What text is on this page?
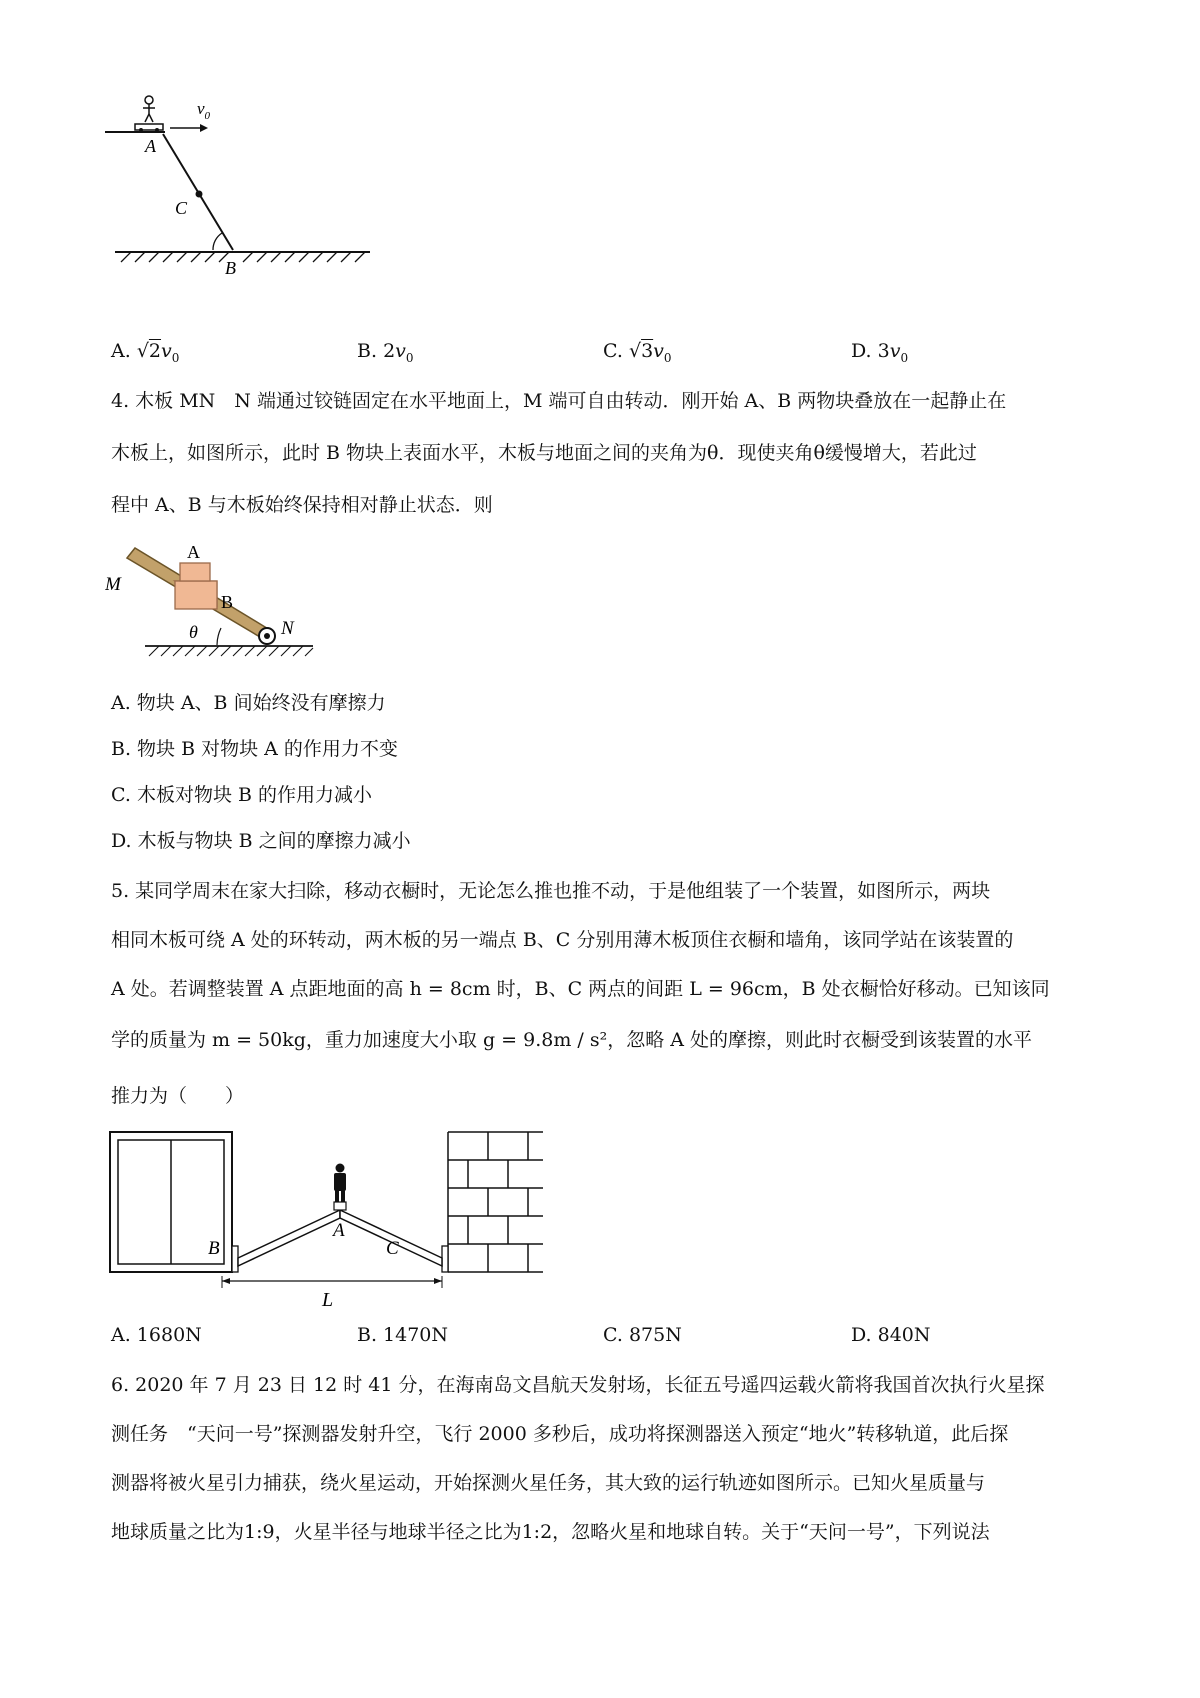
$v_0$
A
C
B
A. $√2v_0$	B. $2v_0$	C. $√3v_0$	D. $3v_0$
4. 木板 MN　N 端通过铰链固定在水平地面上，M 端可自由转动．刚开始 A、B 两物块叠放在一起静止在
木板上，如图所示，此时 B 物块上表面水平，木板与地面之间的夹角为θ．现使夹角θ缓慢增大，若此过
程中 A、B 与木板始终保持相对静止状态．则
A
B
M
N
θ
A. 物块 A、B 间始终没有摩擦力
B. 物块 B 对物块 A 的作用力不变
C. 木板对物块 B 的作用力减小
D. 木板与物块 B 之间的摩擦力减小
5. 某同学周末在家大扫除，移动衣橱时，无论怎么推也推不动，于是他组装了一个装置，如图所示，两块
相同木板可绕 A 处的环转动，两木板的另一端点 B、C 分别用薄木板顶住衣橱和墙角，该同学站在该装置的
A 处。若调整装置 A 点距地面的高 h = 8cm 时，B、C 两点的间距 L = 96cm，B 处衣橱恰好移动。已知该同
学的质量为 m = 50kg，重力加速度大小取 g = 9.8m / s²，忽略 A 处的摩擦，则此时衣橱受到该装置的水平
推力为（　　）
A
B	C
L
A. 1680N	B. 1470N	C. 875N	D. 840N
6. 2020 年 7 月 23 日 12 时 41 分，在海南岛文昌航天发射场，长征五号遥四运载火箭将我国首次执行火星探
测任务　“天问一号”探测器发射升空，飞行 2000 多秒后，成功将探测器送入预定“地火”转移轨道，此后探
测器将被火星引力捕获，绕火星运动，开始探测火星任务，其大致的运行轨迹如图所示。已知火星质量与
地球质量之比为1:9，火星半径与地球半径之比为1:2，忽略火星和地球自转。关于“天问一号”，下列说法
